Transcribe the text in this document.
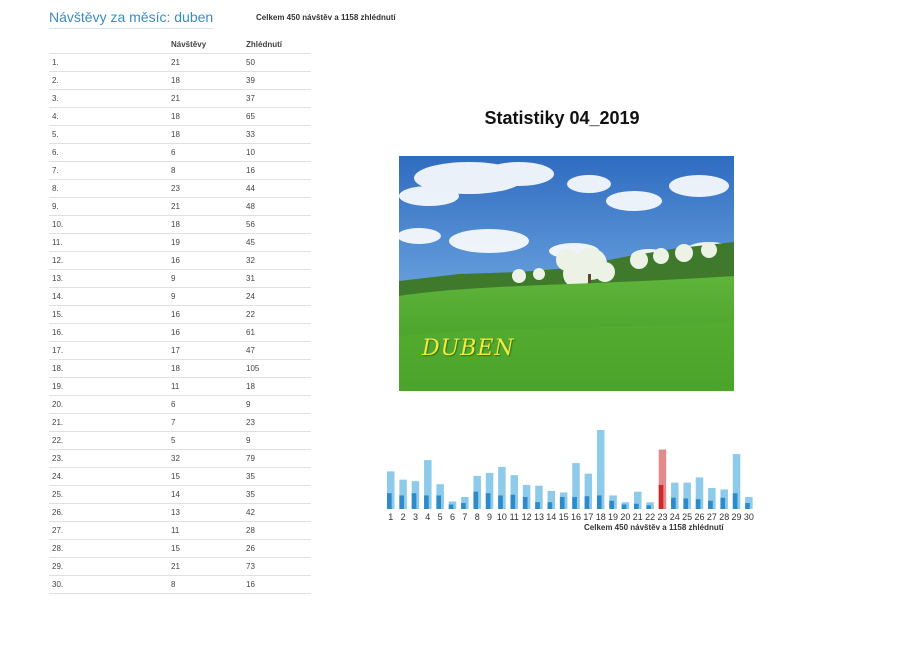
Návštěvy za měsíc: duben	Celkem 450 návštěv a 1158 zhlédnutí
	Návštěvy	Zhlédnutí
1.	21	50
2.	18	39
3.	21	37
4.	18	65
5.	18	33
6.	6	10
7.	8	16
8.	23	44
9.	21	48
10.	18	56
11.	19	45
12.	16	32
13.	9	31
14.	9	24
15.	16	22
16.	16	61
17.	17	47
18.	18	105
19.	11	18
20.	6	9
21.	7	23
22.	5	9
23.	32	79
24.	15	35
25.	14	35
26.	13	42
27.	11	28
28.	15	26
29.	21	73
30.	8	16
Statistiky 04_2019
DUBEN
1 2 3 4 5 6 7 8 9 10 11 12 13 14 15 16 17 18 19 20 21 22 23 24 25 26 27 28 29 30
Celkem 450 návštěv a 1158 zhlédnutí
